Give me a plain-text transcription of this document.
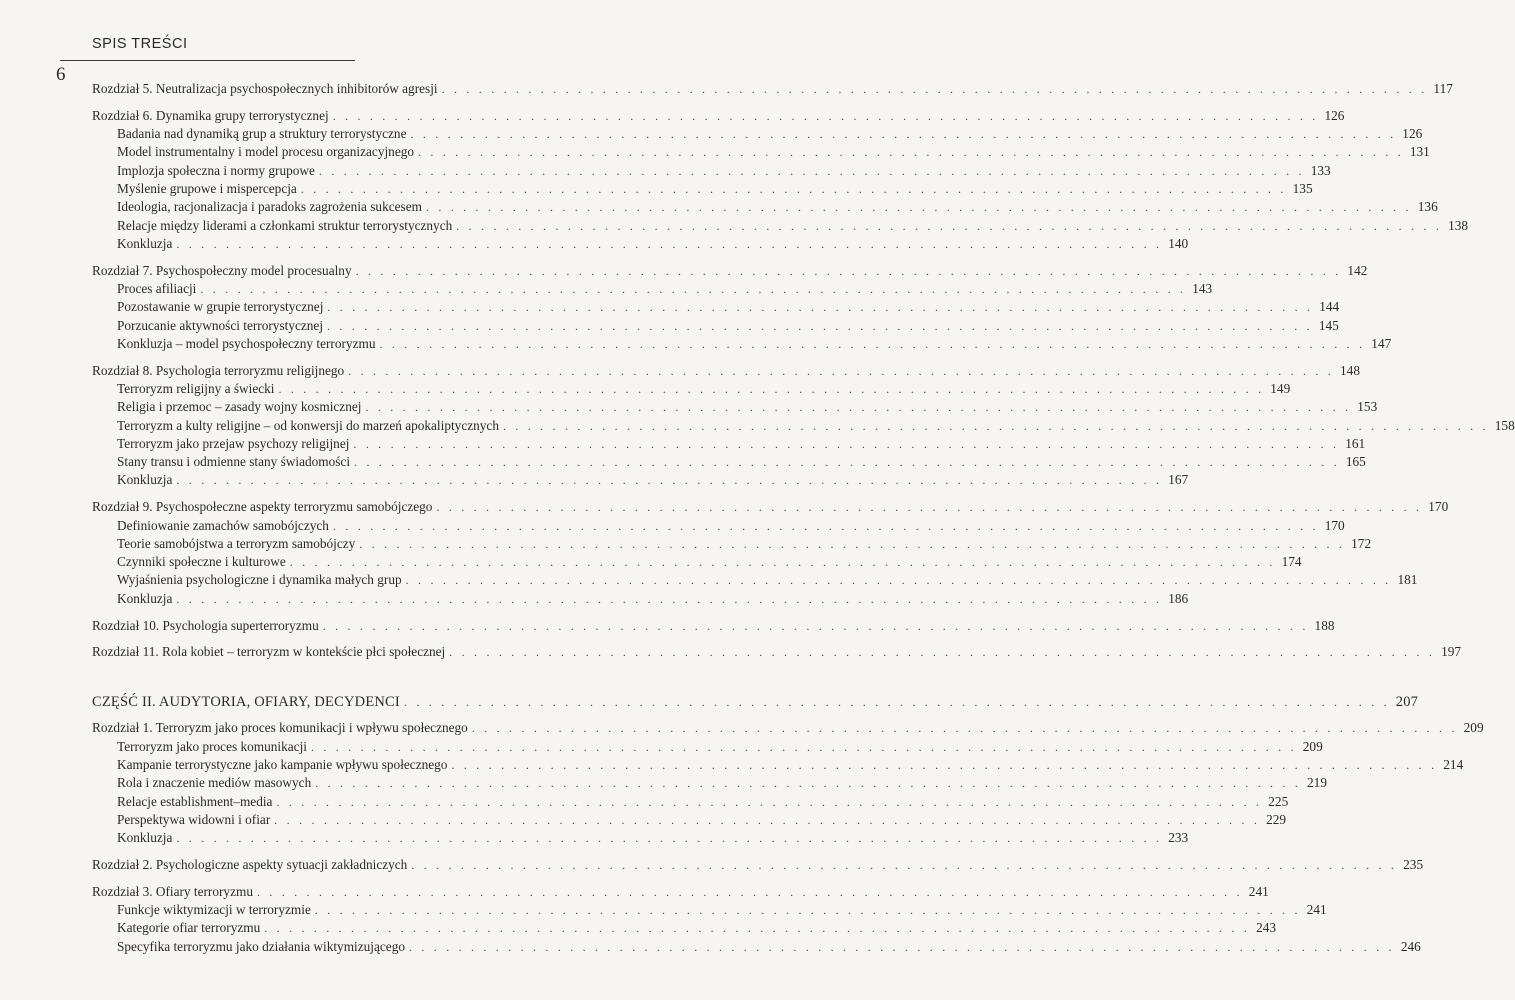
SPIS TREŚCI
6
Rozdział 5. Neutralizacja psychospołecznych inhibitorów agresji . . . . . . . . . . . . . . . . . . . . . . . . . . . . . . . . . . . . . . . . . . . . . . . . . . . . . . . . . . . . . . . . . . . . . . . . . . . . . . . . 117
Rozdział 6. Dynamika grupy terrorystycznej . . . . . . . . . . . . . . . . . . . . . . . . . . . . . . . . . . . . . . . . . . . . . . . . . . . . . . . . . . . . . . . . . . . . . . . . . . . . . . . . 126
Badania nad dynamiką grup a struktury terrorystyczne . . . . . . . . . . . . . . . . . . . . . . . . . . . . . . . . . . . . . . . . . . . . . . . . . . . . . . . . . . . . . . . . . . . . . . . . . . . . . . . . 126
Model instrumentalny i model procesu organizacyjnego . . . . . . . . . . . . . . . . . . . . . . . . . . . . . . . . . . . . . . . . . . . . . . . . . . . . . . . . . . . . . . . . . . . . . . . . . . . . . . . . 131
Implozja społeczna i normy grupowe . . . . . . . . . . . . . . . . . . . . . . . . . . . . . . . . . . . . . . . . . . . . . . . . . . . . . . . . . . . . . . . . . . . . . . . . . . . . . . . . 133
Myślenie grupowe i mispercepcja . . . . . . . . . . . . . . . . . . . . . . . . . . . . . . . . . . . . . . . . . . . . . . . . . . . . . . . . . . . . . . . . . . . . . . . . . . . . . . . . 135
Ideologia, racjonalizacja i paradoks zagrożenia sukcesem . . . . . . . . . . . . . . . . . . . . . . . . . . . . . . . . . . . . . . . . . . . . . . . . . . . . . . . . . . . . . . . . . . . . . . . . . . . . . . . . 136
Relacje między liderami a członkami struktur terrorystycznych . . . . . . . . . . . . . . . . . . . . . . . . . . . . . . . . . . . . . . . . . . . . . . . . . . . . . . . . . . . . . . . . . . . . . . . . . . . . . . . . 138
Konkluzja . . . . . . . . . . . . . . . . . . . . . . . . . . . . . . . . . . . . . . . . . . . . . . . . . . . . . . . . . . . . . . . . . . . . . . . . . . . . . . . . 140
Rozdział 7. Psychospołeczny model procesualny . . . . . . . . . . . . . . . . . . . . . . . . . . . . . . . . . . . . . . . . . . . . . . . . . . . . . . . . . . . . . . . . . . . . . . . . . . . . . . . . 142
Proces afiliacji . . . . . . . . . . . . . . . . . . . . . . . . . . . . . . . . . . . . . . . . . . . . . . . . . . . . . . . . . . . . . . . . . . . . . . . . . . . . . . . . 143
Pozostawanie w grupie terrorystycznej . . . . . . . . . . . . . . . . . . . . . . . . . . . . . . . . . . . . . . . . . . . . . . . . . . . . . . . . . . . . . . . . . . . . . . . . . . . . . . . . 144
Porzucanie aktywności terrorystycznej . . . . . . . . . . . . . . . . . . . . . . . . . . . . . . . . . . . . . . . . . . . . . . . . . . . . . . . . . . . . . . . . . . . . . . . . . . . . . . . . 145
Konkluzja – model psychospołeczny terroryzmu . . . . . . . . . . . . . . . . . . . . . . . . . . . . . . . . . . . . . . . . . . . . . . . . . . . . . . . . . . . . . . . . . . . . . . . . . . . . . . . . 147
Rozdział 8. Psychologia terroryzmu religijnego . . . . . . . . . . . . . . . . . . . . . . . . . . . . . . . . . . . . . . . . . . . . . . . . . . . . . . . . . . . . . . . . . . . . . . . . . . . . . . . . 148
Terroryzm religijny a świecki . . . . . . . . . . . . . . . . . . . . . . . . . . . . . . . . . . . . . . . . . . . . . . . . . . . . . . . . . . . . . . . . . . . . . . . . . . . . . . . . 149
Religia i przemoc – zasady wojny kosmicznej . . . . . . . . . . . . . . . . . . . . . . . . . . . . . . . . . . . . . . . . . . . . . . . . . . . . . . . . . . . . . . . . . . . . . . . . . . . . . . . . 153
Terroryzm a kulty religijne – od konwersji do marzeń apokaliptycznych . . . . . . . . . . . . . . . . . . . . . . . . . . . . . . . . . . . . . . . . . . . . . . . . . . . . . . . . . . . . . . . . . . . . . . . . . . . . . . . . 158
Terroryzm jako przejaw psychozy religijnej . . . . . . . . . . . . . . . . . . . . . . . . . . . . . . . . . . . . . . . . . . . . . . . . . . . . . . . . . . . . . . . . . . . . . . . . . . . . . . . . 161
Stany transu i odmienne stany świadomości . . . . . . . . . . . . . . . . . . . . . . . . . . . . . . . . . . . . . . . . . . . . . . . . . . . . . . . . . . . . . . . . . . . . . . . . . . . . . . . . 165
Konkluzja . . . . . . . . . . . . . . . . . . . . . . . . . . . . . . . . . . . . . . . . . . . . . . . . . . . . . . . . . . . . . . . . . . . . . . . . . . . . . . . . 167
Rozdział 9. Psychospołeczne aspekty terroryzmu samobójczego . . . . . . . . . . . . . . . . . . . . . . . . . . . . . . . . . . . . . . . . . . . . . . . . . . . . . . . . . . . . . . . . . . . . . . . . . . . . . . . . 170
Definiowanie zamachów samobójczych . . . . . . . . . . . . . . . . . . . . . . . . . . . . . . . . . . . . . . . . . . . . . . . . . . . . . . . . . . . . . . . . . . . . . . . . . . . . . . . . 170
Teorie samobójstwa a terroryzm samobójczy . . . . . . . . . . . . . . . . . . . . . . . . . . . . . . . . . . . . . . . . . . . . . . . . . . . . . . . . . . . . . . . . . . . . . . . . . . . . . . . . 172
Czynniki społeczne i kulturowe . . . . . . . . . . . . . . . . . . . . . . . . . . . . . . . . . . . . . . . . . . . . . . . . . . . . . . . . . . . . . . . . . . . . . . . . . . . . . . . . 174
Wyjaśnienia psychologiczne i dynamika małych grup . . . . . . . . . . . . . . . . . . . . . . . . . . . . . . . . . . . . . . . . . . . . . . . . . . . . . . . . . . . . . . . . . . . . . . . . . . . . . . . . 181
Konkluzja . . . . . . . . . . . . . . . . . . . . . . . . . . . . . . . . . . . . . . . . . . . . . . . . . . . . . . . . . . . . . . . . . . . . . . . . . . . . . . . . 186
Rozdział 10. Psychologia superterroryzmu . . . . . . . . . . . . . . . . . . . . . . . . . . . . . . . . . . . . . . . . . . . . . . . . . . . . . . . . . . . . . . . . . . . . . . . . . . . . . . . . 188
Rozdział 11. Rola kobiet – terroryzm w kontekście płci społecznej . . . . . . . . . . . . . . . . . . . . . . . . . . . . . . . . . . . . . . . . . . . . . . . . . . . . . . . . . . . . . . . . . . . . . . . . . . . . . . . . 197
CZĘŚĆ II. AUDYTORIA, OFIARY, DECYDENCI . . . . . . . . . . . . . . . . . . . . . . . . . . . . . . . . . . . . . . . . . . . . . . . . . . . . . . . . . . . . . . . . . . . . . . . . . . . . . . . . 207
Rozdział 1. Terroryzm jako proces komunikacji i wpływu społecznego . . . . . . . . . . . . . . . . . . . . . . . . . . . . . . . . . . . . . . . . . . . . . . . . . . . . . . . . . . . . . . . . . . . . . . . . . . . . . . . . 209
Terroryzm jako proces komunikacji . . . . . . . . . . . . . . . . . . . . . . . . . . . . . . . . . . . . . . . . . . . . . . . . . . . . . . . . . . . . . . . . . . . . . . . . . . . . . . . . 209
Kampanie terrorystyczne jako kampanie wpływu społecznego . . . . . . . . . . . . . . . . . . . . . . . . . . . . . . . . . . . . . . . . . . . . . . . . . . . . . . . . . . . . . . . . . . . . . . . . . . . . . . . . 214
Rola i znaczenie mediów masowych . . . . . . . . . . . . . . . . . . . . . . . . . . . . . . . . . . . . . . . . . . . . . . . . . . . . . . . . . . . . . . . . . . . . . . . . . . . . . . . . 219
Relacje establishment–media . . . . . . . . . . . . . . . . . . . . . . . . . . . . . . . . . . . . . . . . . . . . . . . . . . . . . . . . . . . . . . . . . . . . . . . . . . . . . . . . 225
Perspektywa widowni i ofiar . . . . . . . . . . . . . . . . . . . . . . . . . . . . . . . . . . . . . . . . . . . . . . . . . . . . . . . . . . . . . . . . . . . . . . . . . . . . . . . . 229
Konkluzja . . . . . . . . . . . . . . . . . . . . . . . . . . . . . . . . . . . . . . . . . . . . . . . . . . . . . . . . . . . . . . . . . . . . . . . . . . . . . . . . 233
Rozdział 2. Psychologiczne aspekty sytuacji zakładniczych . . . . . . . . . . . . . . . . . . . . . . . . . . . . . . . . . . . . . . . . . . . . . . . . . . . . . . . . . . . . . . . . . . . . . . . . . . . . . . . . 235
Rozdział 3. Ofiary terroryzmu . . . . . . . . . . . . . . . . . . . . . . . . . . . . . . . . . . . . . . . . . . . . . . . . . . . . . . . . . . . . . . . . . . . . . . . . . . . . . . . . 241
Funkcje wiktymizacji w terroryzmie . . . . . . . . . . . . . . . . . . . . . . . . . . . . . . . . . . . . . . . . . . . . . . . . . . . . . . . . . . . . . . . . . . . . . . . . . . . . . . . . 241
Kategorie ofiar terroryzmu . . . . . . . . . . . . . . . . . . . . . . . . . . . . . . . . . . . . . . . . . . . . . . . . . . . . . . . . . . . . . . . . . . . . . . . . . . . . . . . . 243
Specyfika terroryzmu jako działania wiktymizującego . . . . . . . . . . . . . . . . . . . . . . . . . . . . . . . . . . . . . . . . . . . . . . . . . . . . . . . . . . . . . . . . . . . . . . . . . . . . . . . . 246
